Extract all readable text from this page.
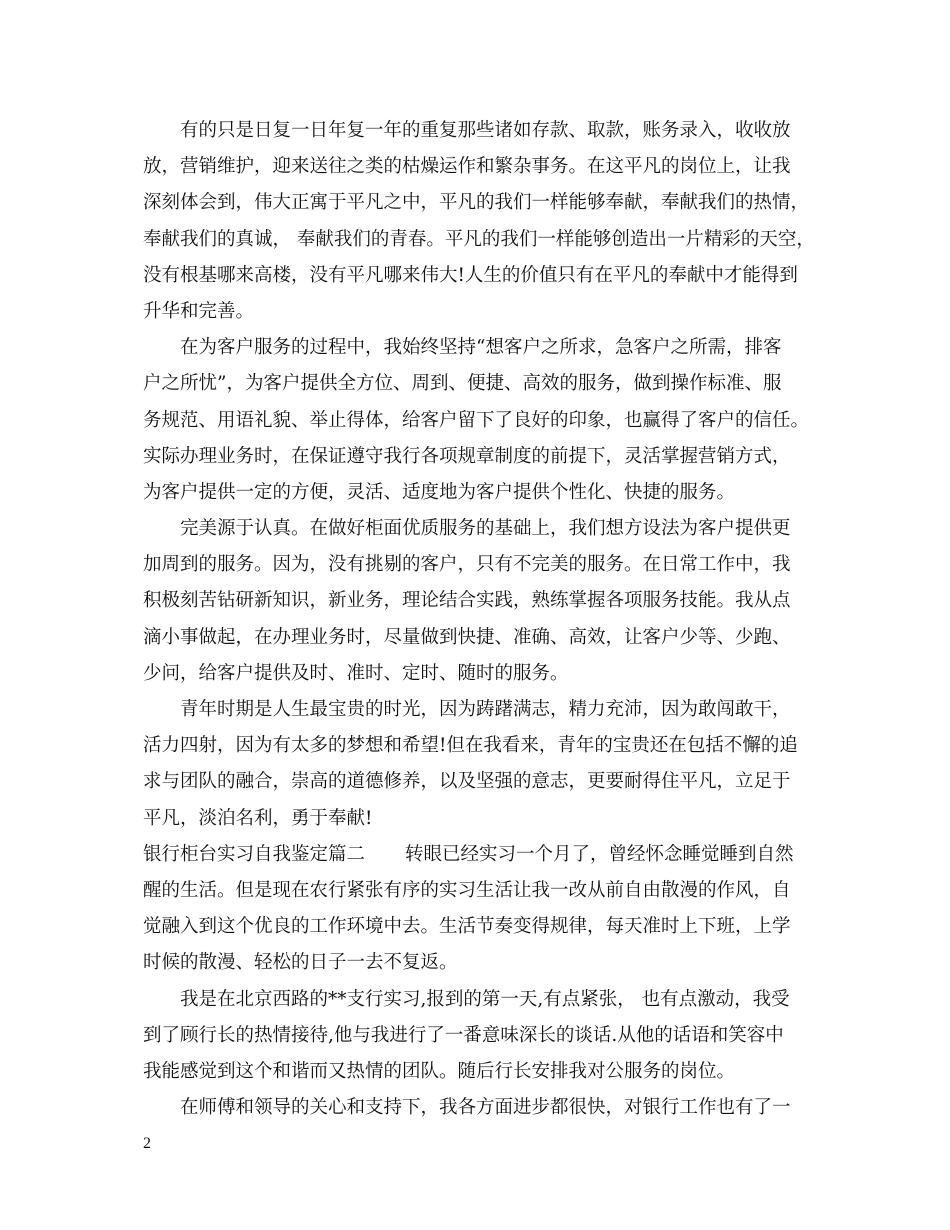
有的只是日复一日年复一年的重复那些诸如存款、取款，账务录入，收收放
放，营销维护，迎来送往之类的枯燥运作和繁杂事务。在这平凡的岗位上，让我
深刻体会到，伟大正寓于平凡之中，平凡的我们一样能够奉献，奉献我们的热情，
奉献我们的真诚， 奉献我们的青春。平凡的我们一样能够创造出一片精彩的天空，
没有根基哪来高楼，没有平凡哪来伟大!人生的价值只有在平凡的奉献中才能得到
升华和完善。
在为客户服务的过程中，我始终坚持“想客户之所求，急客户之所需，排客
户之所忧”，为客户提供全方位、周到、便捷、高效的服务，做到操作标准、服
务规范、用语礼貌、举止得体，给客户留下了良好的印象，也赢得了客户的信任。
实际办理业务时，在保证遵守我行各项规章制度的前提下，灵活掌握营销方式，
为客户提供一定的方便，灵活、适度地为客户提供个性化、快捷的服务。
完美源于认真。在做好柜面优质服务的基础上，我们想方设法为客户提供更
加周到的服务。因为，没有挑剔的客户，只有不完美的服务。在日常工作中，我
积极刻苦钻研新知识，新业务，理论结合实践，熟练掌握各项服务技能。我从点
滴小事做起，在办理业务时，尽量做到快捷、准确、高效，让客户少等、少跑、
少问，给客户提供及时、准时、定时、随时的服务。
青年时期是人生最宝贵的时光，因为踌躇满志，精力充沛，因为敢闯敢干，
活力四射，因为有太多的梦想和希望!但在我看来，青年的宝贵还在包括不懈的追
求与团队的融合，崇高的道德修养，以及坚强的意志，更要耐得住平凡，立足于
平凡，淡泊名利，勇于奉献!
银行柜台实习自我鉴定篇二 转眼已经实习一个月了，曾经怀念睡觉睡到自然
醒的生活。但是现在农行紧张有序的实习生活让我一改从前自由散漫的作风，自
觉融入到这个优良的工作环境中去。生活节奏变得规律，每天准时上下班，上学
时候的散漫、轻松的日子一去不复返。
我是在北京西路的**支行实习,报到的第一天,有点紧张， 也有点激动，我受
到了顾行长的热情接待,他与我进行了一番意味深长的谈话.从他的话语和笑容中
我能感觉到这个和谐而又热情的团队。随后行长安排我对公服务的岗位。
在师傅和领导的关心和支持下，我各方面进步都很快，对银行工作也有了一
2
